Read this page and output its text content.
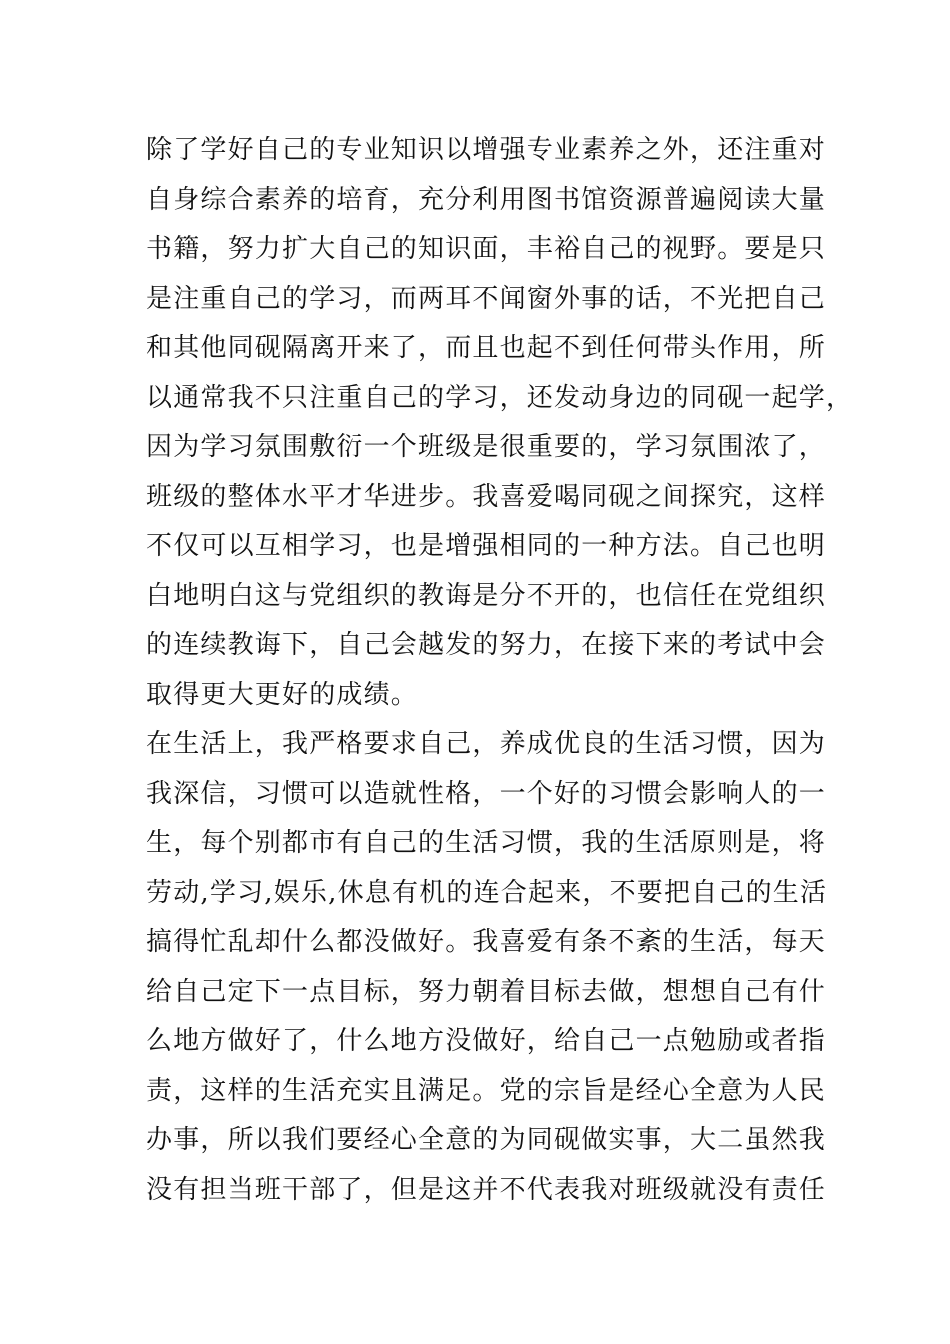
除了学好自己的专业知识以增强专业素养之外，还注重对
自身综合素养的培育，充分利用图书馆资源普遍阅读大量
书籍，努力扩大自己的知识面，丰裕自己的视野。要是只
是注重自己的学习，而两耳不闻窗外事的话，不光把自己
和其他同砚隔离开来了，而且也起不到任何带头作用，所
以通常我不只注重自己的学习，还发动身边的同砚一起学，
因为学习氛围敷衍一个班级是很重要的，学习氛围浓了，
班级的整体水平才华进步。我喜爱喝同砚之间探究，这样
不仅可以互相学习，也是增强相同的一种方法。自己也明
白地明白这与党组织的教诲是分不开的，也信任在党组织
的连续教诲下，自己会越发的努力，在接下来的考试中会
取得更大更好的成绩。
在生活上，我严格要求自己，养成优良的生活习惯，因为
我深信，习惯可以造就性格，一个好的习惯会影响人的一
生，每个别都市有自己的生活习惯，我的生活原则是，将
劳动,学习,娱乐,休息有机的连合起来，不要把自己的生活
搞得忙乱却什么都没做好。我喜爱有条不紊的生活，每天
给自己定下一点目标，努力朝着目标去做，想想自己有什
么地方做好了，什么地方没做好，给自己一点勉励或者指
责，这样的生活充实且满足。党的宗旨是经心全意为人民
办事，所以我们要经心全意的为同砚做实事，大二虽然我
没有担当班干部了，但是这并不代表我对班级就没有责任
